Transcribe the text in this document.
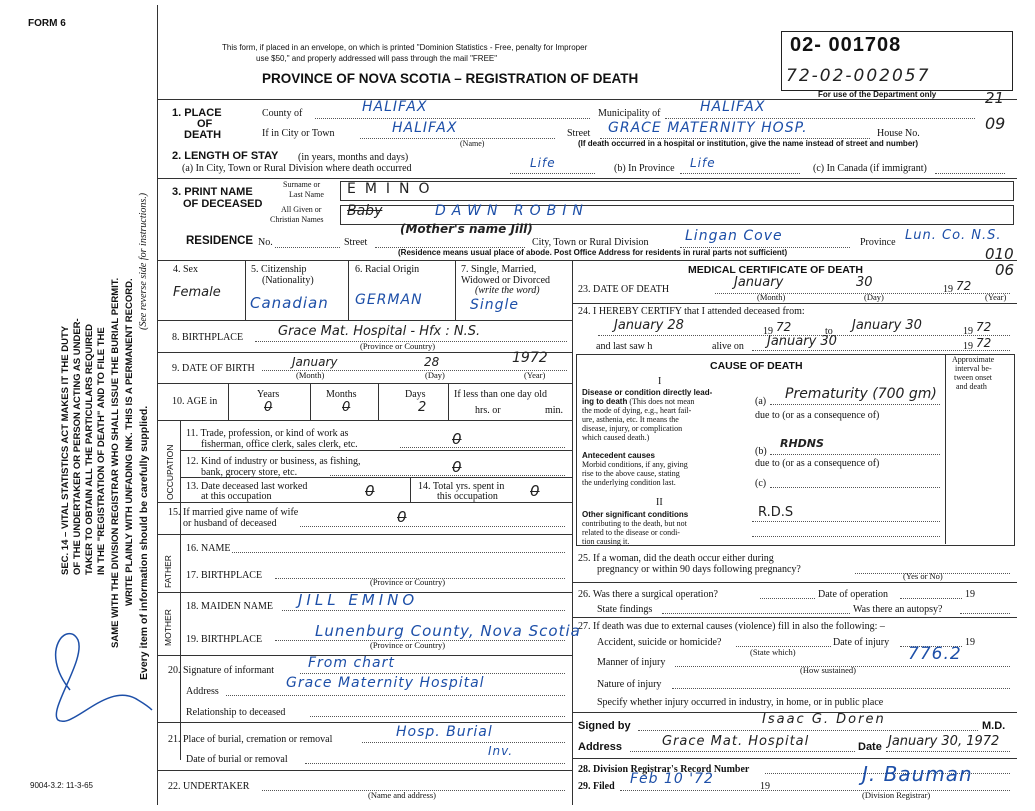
FORM 6
This form, if placed in an envelope, on which is printed "Dominion Statistics - Free, penalty for Improper
use $50," and properly addressed will pass through the mail "FREE"
PROVINCE OF NOVA SCOTIA – REGISTRATION OF DEATH
02- 001708
72-02-002057
For use of the Department only	21
SEC. 14 – VITAL STATISTICS ACT MAKES IT THE DUTY OF THE UNDERTAKER OR PERSON ACTING AS UNDER- TAKER TO OBTAIN ALL THE PARTICULARS REQUIRED IN THE "REGISTRATION OF DEATH" AND TO FILE THE SAME WITH THE DIVISION REGISTRAR WHO SHALL ISSUE THE BURIAL PERMIT. WRITE PLAINLY WITH UNFADING INK. THIS IS A PERMANENT RECORD. Every item of information should be carefully supplied.
(See reverse side for instructions.)
1. PLACE
OF
DEATH
County of	HALIFAX	Municipality of	HALIFAX
If in City or Town	HALIFAX
(Name)
Street GRACE MATERNITY HOSP.	House No.
09
(If death occurred in a hospital or institution, give the name instead of street and number)
2. LENGTH OF STAY (in years, months and days)
(a) In City, Town or Rural Division where death occurred	Life	(b) In Province Life	(c) In Canada (if immigrant)
3. PRINT NAME
OF DECEASED
Surname or
Last Name EMINO
All Given or
Christian Names
Baby	DAWN ROBIN
(Mother's name Jill)
RESIDENCE No.	Street	City, Town or Rural Division	Lingan Cove	Province Lun. Co. N.S.
(Residence means usual place of abode. Post Office Address for residents in rural parts not sufficient)	010
06
4. Sex
Female
5. Citizenship
(Nationality)
Canadian
6. Racial Origin
GERMAN
7. Single, Married,
Widowed or Divorced
(write the word)
Single
8. BIRTHPLACE	Grace Mat. Hospital - Hfx : N.S.
(Province or Country)
9. DATE OF BIRTH	January	28	1972
(Month)	(Day)	(Year)
10. AGE in
Years	Months	Days	If less than one day old
hrs. or	min.
0	0	2
OCCUPATION
11. Trade, profession, or kind of work as
fisherman, office clerk, sales clerk, etc.	0
12. Kind of industry or business, as fishing,
bank, grocery store, etc.	0
13. Date deceased last worked
at this occupation	0	14. Total yrs. spent in
this occupation 0
15. If married give name of wife
or husband of deceased	0
FATHER
16. NAME
17. BIRTHPLACE
(Province or Country)
MOTHER
18. MAIDEN NAME JILL EMINO
19. BIRTHPLACE	Lunenburg County, Nova Scotia
(Province or Country)
20. Signature of informant From chart
Address
Grace Maternity Hospital
Relationship to deceased
21. Place of burial, cremation or removal	Hosp. Burial
Date of burial or removal
Inv.
22. UNDERTAKER
(Name and address)
9004-3.2: 11-3-65
MEDICAL CERTIFICATE OF DEATH
23. DATE OF DEATH	January	30	19 72
(Month)	(Day)	(Year)
24. I HEREBY CERTIFY that I attended deceased from:
January 28	19 72	to January 30	19 72
and last saw h	alive on January 30	19 72
CAUSE OF DEATH
Approximate
interval be-
tween onset
and death
I
Disease or condition directly lead-
ing to death (This does not mean
the mode of dying, e.g., heart fail-
ure, asthenia, etc. It means the
disease, injury, or complication
which caused death.)
(a) Prematurity (700 gm)
due to (or as a consequence of)
(b)
RHDNS
due to (or as a consequence of)
Antecedent causes
Morbid conditions, if any, giving
rise to the above cause, stating
the underlying condition last.	(c)
II
Other significant conditions
contributing to the death, but not
related to the disease or condi-
tion causing it.
R.D.S
25. If a woman, did the death occur either during
pregnancy or within 90 days following pregnancy?
(Yes or No)
26. Was there a surgical operation?	Date of operation	19
State findings	Was there an autopsy?
27. If death was due to external causes (violence) fill in also the following: –
Accident, suicide or homicide?	Date of injury	19
(State which)
Manner of injury	776.2
(How sustained)
Nature of injury
Specify whether injury occurred in industry, in home, or in public place
Signed by	Isaac G. Doren	M.D.
Address	Grace Mat. Hospital	Date January 30, 1972
28. Division Registrar's Record Number
29. Filed Feb 10 '72	19
J. Bauman
(Division Registrar)
